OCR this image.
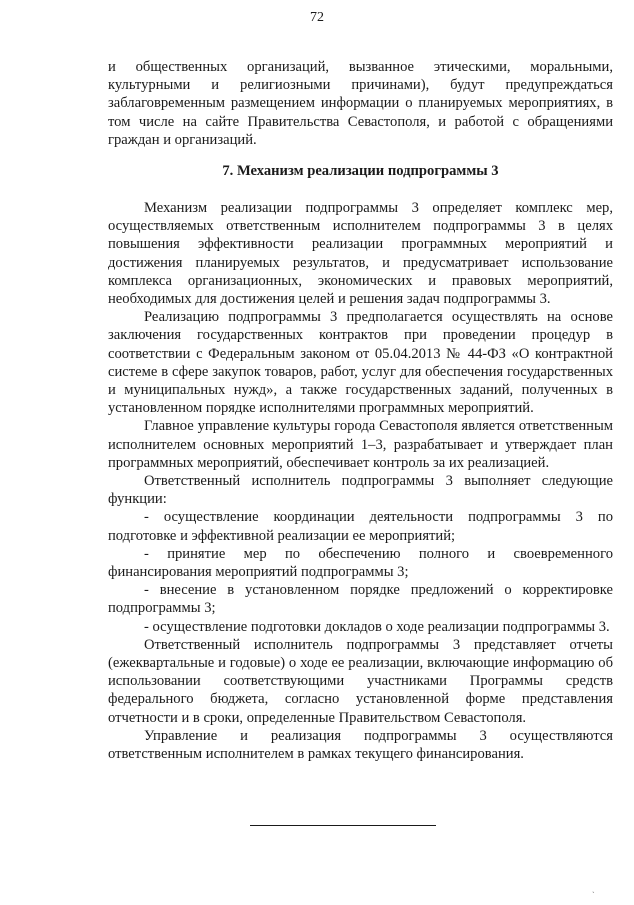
72

и общественных организаций, вызванное этическими, моральными, культурными и религиозными причинами), будут предупреждаться заблаговременным размещением информации о планируемых мероприятиях, в том числе на сайте Правительства Севастополя, и работой с обращениями граждан и организаций.

7. Механизм реализации подпрограммы 3

Механизм реализации подпрограммы 3 определяет комплекс мер, осуществляемых ответственным исполнителем подпрограммы 3 в целях повышения эффективности реализации программных мероприятий и достижения планируемых результатов, и предусматривает использование комплекса организационных, экономических и правовых мероприятий, необходимых для достижения целей и решения задач подпрограммы 3.

Реализацию подпрограммы 3 предполагается осуществлять на основе заключения государственных контрактов при проведении процедур в соответствии с Федеральным законом от 05.04.2013 № 44-ФЗ «О контрактной системе в сфере закупок товаров, работ, услуг для обеспечения государственных и муниципальных нужд», а также государственных заданий, полученных в установленном порядке исполнителями программных мероприятий.

Главное управление культуры города Севастополя является ответственным исполнителем основных мероприятий 1–3, разрабатывает и утверждает план программных мероприятий, обеспечивает контроль за их реализацией.

Ответственный исполнитель подпрограммы 3 выполняет следующие функции:

- осуществление координации деятельности подпрограммы 3 по подготовке и эффективной реализации ее мероприятий;

- принятие мер по обеспечению полного и своевременного финансирования мероприятий подпрограммы 3;

- внесение в установленном порядке предложений о корректировке подпрограммы 3;

- осуществление подготовки докладов о ходе реализации подпрограммы 3.

Ответственный исполнитель подпрограммы 3 представляет отчеты (ежеквартальные и годовые) о ходе ее реализации, включающие информацию об использовании соответствующими участниками Программы средств федерального бюджета, согласно установленной форме представления отчетности и в сроки, определенные Правительством Севастополя.

Управление и реализация подпрограммы 3 осуществляются ответственным исполнителем в рамках текущего финансирования.

ˎ
